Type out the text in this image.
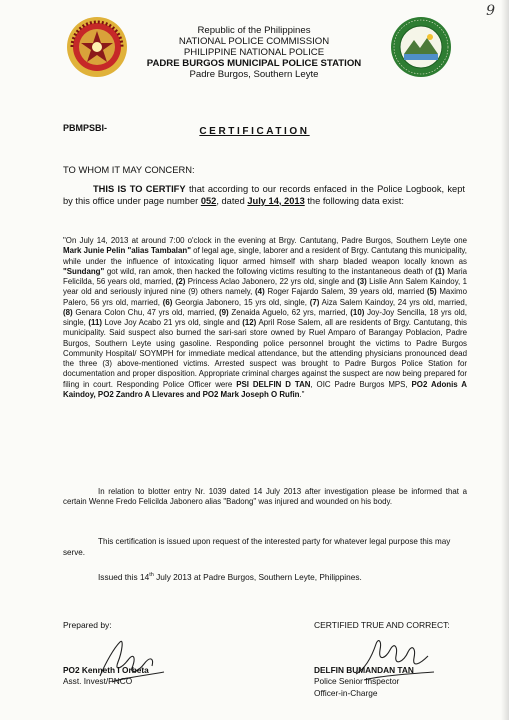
9
Republic of the Philippines
NATIONAL POLICE COMMISSION
PHILIPPINE NATIONAL POLICE
PADRE BURGOS MUNICIPAL POLICE STATION
Padre Burgos, Southern Leyte
PBMPSBI-	CERTIFICATION
TO WHOM IT MAY CONCERN:
THIS IS TO CERTIFY that according to our records enfaced in the Police Logbook, kept by this office under page number 052, dated July 14, 2013 the following data exist:
"On July 14, 2013 at around 7:00 o'clock in the evening at Brgy. Cantutang, Padre Burgos, Southern Leyte one Mark Junie Pelin "alias Tambalan" of legal age, single, laborer and a resident of Brgy. Cantutang this municipality, while under the influence of intoxicating liquor armed himself with sharp bladed weapon locally known as "Sundang" got wild, ran amok, then hacked the following victims resulting to the instantaneous death of (1) Maria Felicilda, 56 years old, married, (2) Princess Aclao Jabonero, 22 yrs old, single and (3) Lislie Ann Salem Kaindoy, 1 year old and seriously injured nine (9) others namely, (4) Roger Fajardo Salem, 39 years old, married (5) Maximo Palero, 56 yrs old, married, (6) Georgia Jabonero, 15 yrs old, single, (7) Aiza Salem Kaindoy, 24 yrs old, married, (8) Genara Colon Chu, 47 yrs old, married, (9) Zenaida Aguelo, 62 yrs, married, (10) Joy-Joy Sencilla, 18 yrs old, single, (11) Love Joy Acabo 21 yrs old, single and (12) April Rose Salem, all are residents of Brgy. Cantutang, this municipality. Said suspect also burned the sari-sari store owned by Ruel Amparo of Barangay Poblacion, Padre Burgos, Southern Leyte using gasoline. Responding police personnel brought the victims to Padre Burgos Community Hospital/ SOYMPH for immediate medical attendance, but the attending physicians pronounced dead the three (3) above-mentioned victims. Arrested suspect was brought to Padre Burgos Police Station for documentation and proper disposition. Appropriate criminal charges against the suspect are now being prepared for filing in court. Responding Police Officer were PSI DELFIN D TAN, OIC Padre Burgos MPS, PO2 Adonis A Kaindoy, PO2 Zandro A Llevares and PO2 Mark Joseph O Rufin."
In relation to blotter entry Nr. 1039 dated 14 July 2013 after investigation please be informed that a certain Wenne Fredo Felicilda Jabonero alias "Badong" was injured and wounded on his body.
This certification is issued upon request of the interested party for whatever legal purpose this may serve.
Issued this 14th July 2013 at Padre Burgos, Southern Leyte, Philippines.
Prepared by:	CERTIFIED TRUE AND CORRECT:
PO2 Kenneth I Orbeta
Asst. Invest/PNCO
DELFIN BUMANDAN TAN
Police Senior Inspector
Officer-in-Charge
